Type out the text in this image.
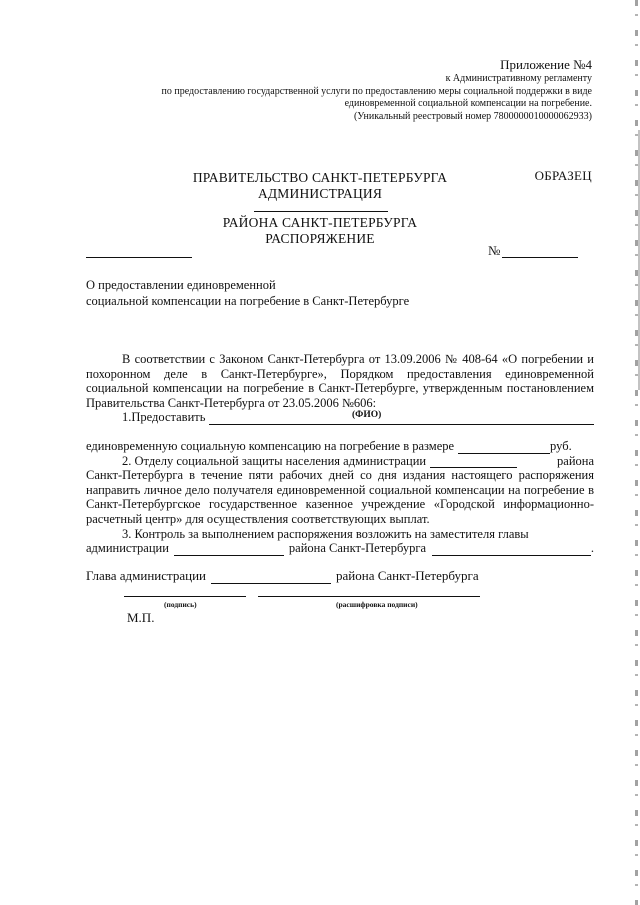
Приложение №4
к Административному регламенту
по предоставлению государственной услуги по предоставлению меры социальной поддержки в виде
единовременной социальной компенсации на погребение.
(Уникальный реестровый номер 7800000010000062933)
ОБРАЗЕЦ
ПРАВИТЕЛЬСТВО САНКТ-ПЕТЕРБУРГА
АДМИНИСТРАЦИЯ
РАЙОНА САНКТ-ПЕТЕРБУРГА
РАСПОРЯЖЕНИЕ
№
О предоставлении единовременной
социальной компенсации на погребение в Санкт-Петербурге

В соответствии с Законом Санкт-Петербурга от 13.09.2006 № 408-64 «О погребении и похоронном деле в Санкт-Петербурге», Порядком предоставления единовременной социальной компенсации на погребение в Санкт-Петербурге, утвержденным постановлением Правительства Санкт-Петербурга от 23.05.2006 №606:

1.Предоставить

единовременную социальную компенсацию на погребение в размере	руб.

2. Отделу социальной защиты населения администрации	района

Санкт-Петербурга в течение пяти рабочих дней со дня издания настоящего распоряжения направить личное дело получателя единовременной социальной компенсации на погребение в Санкт-Петербургское государственное казенное учреждение «Городской информационно-расчетный центр» для осуществления соответствующих выплат.

3. Контроль за выполнением распоряжения возложить на заместителя главы

администрации	района Санкт-Петербурга	.

(ФИО)
Глава администрации	района Санкт-Петербурга
(подпись)	(расшифровка подписи)
М.П.
